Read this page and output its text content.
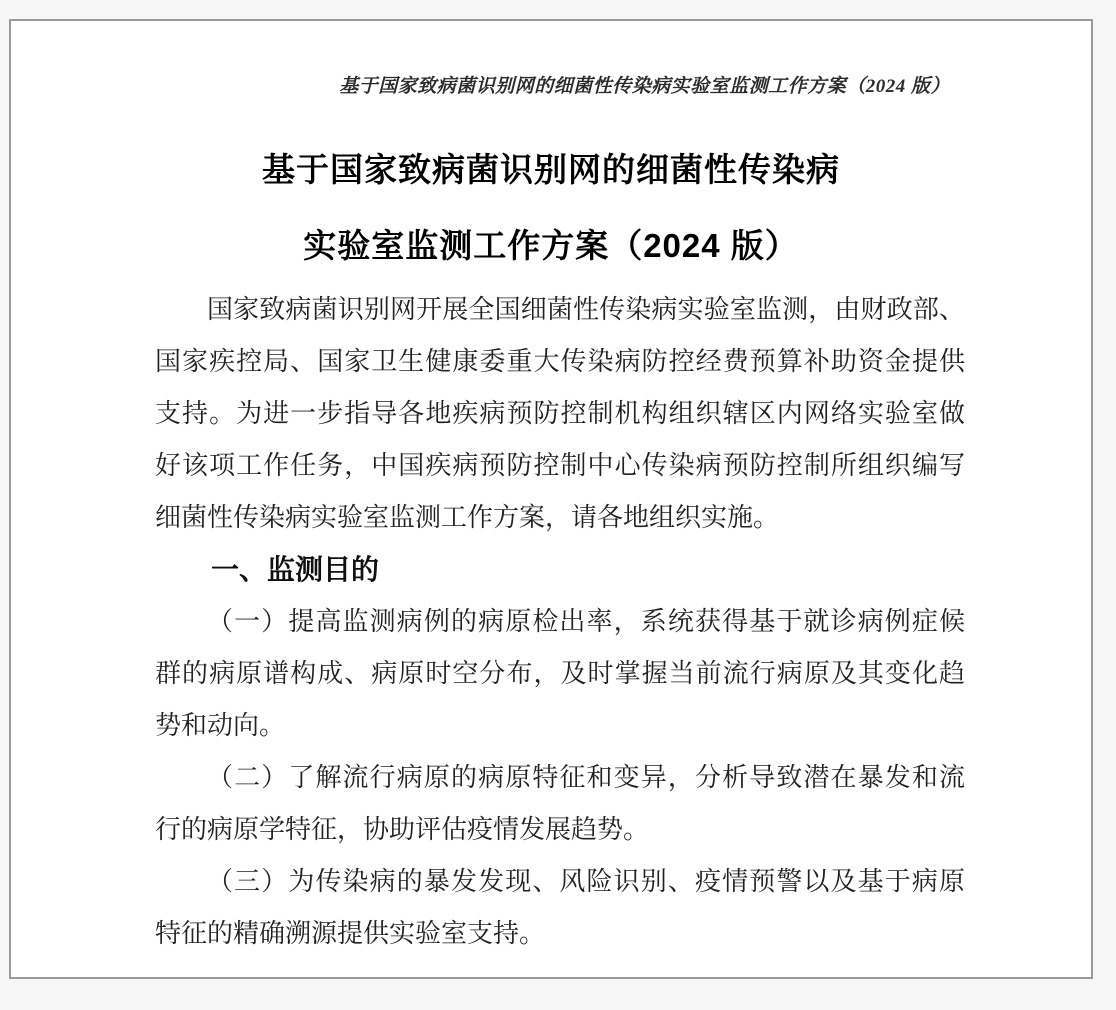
基于国家致病菌识别网的细菌性传染病实验室监测工作方案（2024 版）
基于国家致病菌识别网的细菌性传染病
实验室监测工作方案（2024 版）
国家致病菌识别网开展全国细菌性传染病实验室监测，由财政部、
国家疾控局、国家卫生健康委重大传染病防控经费预算补助资金提供
支持。为进一步指导各地疾病预防控制机构组织辖区内网络实验室做
好该项工作任务，中国疾病预防控制中心传染病预防控制所组织编写
细菌性传染病实验室监测工作方案，请各地组织实施。
一、监测目的
（一）提高监测病例的病原检出率，系统获得基于就诊病例症候
群的病原谱构成、病原时空分布，及时掌握当前流行病原及其变化趋
势和动向。
（二）了解流行病原的病原特征和变异，分析导致潜在暴发和流
行的病原学特征，协助评估疫情发展趋势。
（三）为传染病的暴发发现、风险识别、疫情预警以及基于病原
特征的精确溯源提供实验室支持。
